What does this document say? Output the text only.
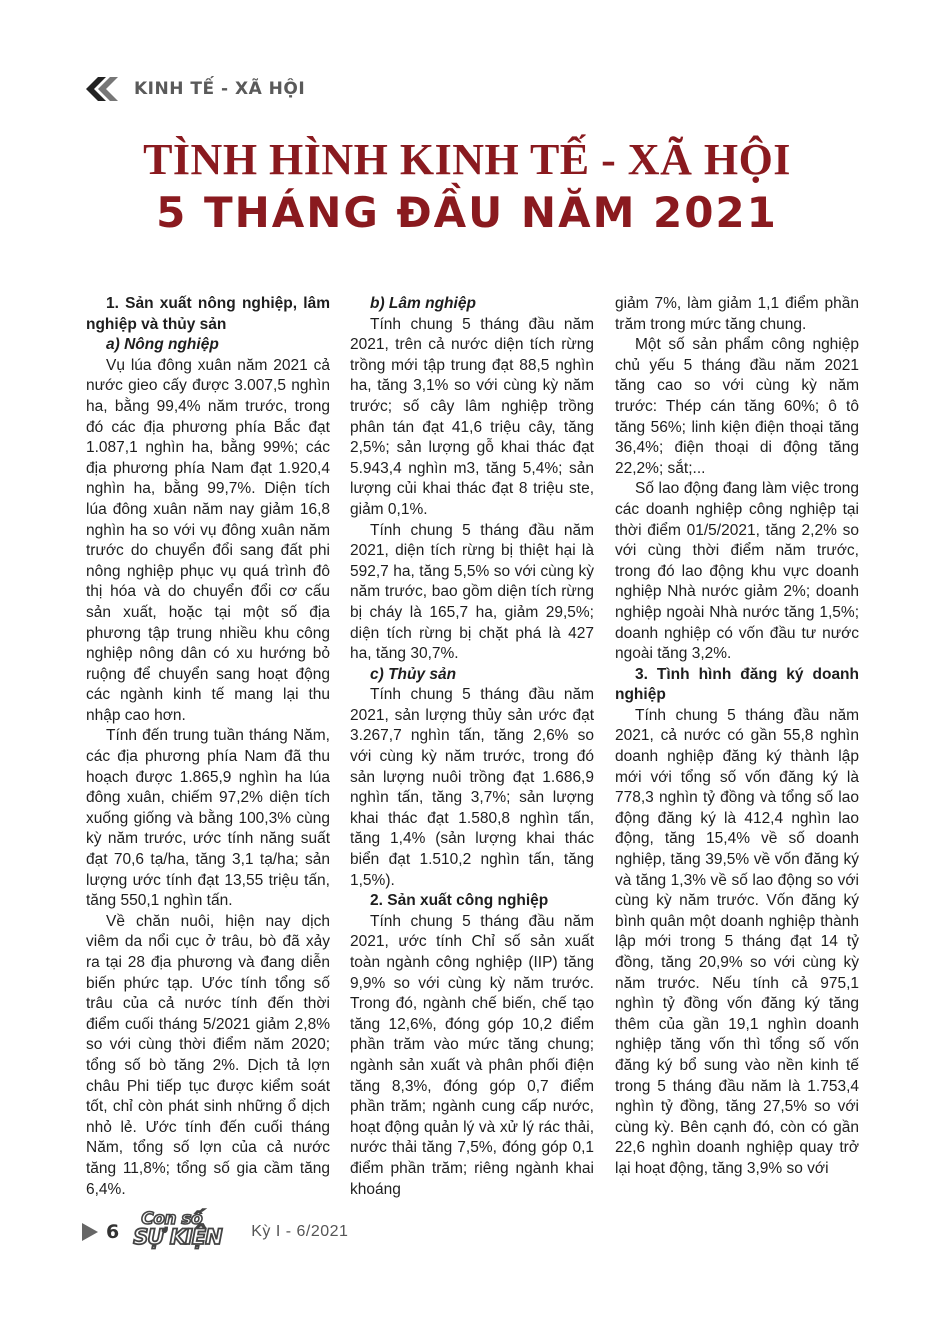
KINH TẾ - XÃ HỘI
TÌNH HÌNH KINH TẾ - XÃ HỘI
5 THÁNG ĐẦU NĂM 2021
1. Sản xuất nông nghiệp, lâm nghiệp và thủy sản
a) Nông nghiệp

Vụ lúa đông xuân năm 2021 cả nước gieo cấy được 3.007,5 nghìn ha, bằng 99,4% năm trước, trong đó các địa phương phía Bắc đạt 1.087,1 nghìn ha, bằng 99%; các địa phương phía Nam đạt 1.920,4 nghìn ha, bằng 99,7%. Diện tích lúa đông xuân năm nay giảm 16,8 nghìn ha so với vụ đông xuân năm trước do chuyển đổi sang đất phi nông nghiệp phục vụ quá trình đô thị hóa và do chuyển đổi cơ cấu sản xuất, hoặc tại một số địa phương tập trung nhiều khu công nghiệp nông dân có xu hướng bỏ ruộng để chuyển sang hoạt động các ngành kinh tế mang lại thu nhập cao hơn.

Tính đến trung tuần tháng Năm, các địa phương phía Nam đã thu hoạch được 1.865,9 nghìn ha lúa đông xuân, chiếm 97,2% diện tích xuống giống và bằng 100,3% cùng kỳ năm trước, ước tính năng suất đạt 70,6 tạ/ha, tăng 3,1 tạ/ha; sản lượng ước tính đạt 13,55 triệu tấn, tăng 550,1 nghìn tấn.

Về chăn nuôi, hiện nay dịch viêm da nổi cục ở trâu, bò đã xảy ra tại 28 địa phương và đang diễn biến phức tạp. Ước tính tổng số trâu của cả nước tính đến thời điểm cuối tháng 5/2021 giảm 2,8% so với cùng thời điểm năm 2020; tổng số bò tăng 2%. Dịch tả lợn châu Phi tiếp tục được kiểm soát tốt, chỉ còn phát sinh những ổ dịch nhỏ lẻ. Ước tính đến cuối tháng Năm, tổng số lợn của cả nước tăng 11,8%; tổng số gia cầm tăng 6,4%.

b) Lâm nghiệp

Tính chung 5 tháng đầu năm 2021, trên cả nước diện tích rừng trồng mới tập trung đạt 88,5 nghìn ha, tăng 3,1% so với cùng kỳ năm trước; số cây lâm nghiệp trồng phân tán đạt 41,6 triệu cây, tăng 2,5%; sản lượng gỗ khai thác đạt 5.943,4 nghìn m3, tăng 5,4%; sản lượng củi khai thác đạt 8 triệu ste, giảm 0,1%.

Tính chung 5 tháng đầu năm 2021, diện tích rừng bị thiệt hại là 592,7 ha, tăng 5,5% so với cùng kỳ năm trước, bao gồm diện tích rừng bị cháy là 165,7 ha, giảm 29,5%; diện tích rừng bị chặt phá là 427 ha, tăng 30,7%.

c) Thủy sản

Tính chung 5 tháng đầu năm 2021, sản lượng thủy sản ước đạt 3.267,7 nghìn tấn, tăng 2,6% so với cùng kỳ năm trước, trong đó sản lượng nuôi trồng đạt 1.686,9 nghìn tấn, tăng 3,7%; sản lượng khai thác đạt 1.580,8 nghìn tấn, tăng 1,4% (sản lượng khai thác biển đạt 1.510,2 nghìn tấn, tăng 1,5%).

2. Sản xuất công nghiệp

Tính chung 5 tháng đầu năm 2021, ước tính Chỉ số sản xuất toàn ngành công nghiệp (IIP) tăng 9,9% so với cùng kỳ năm trước. Trong đó, ngành chế biến, chế tạo tăng 12,6%, đóng góp 10,2 điểm phần trăm vào mức tăng chung; ngành sản xuất và phân phối điện tăng 8,3%, đóng góp 0,7 điểm phần trăm; ngành cung cấp nước, hoạt động quản lý và xử lý rác thải, nước thải tăng 7,5%, đóng góp 0,1 điểm phần trăm; riêng ngành khai khoáng

giảm 7%, làm giảm 1,1 điểm phần trăm trong mức tăng chung.

Một số sản phẩm công nghiệp chủ yếu 5 tháng đầu năm 2021 tăng cao so với cùng kỳ năm trước: Thép cán tăng 60%; ô tô tăng 56%; linh kiện điện thoại tăng 36,4%; điện thoại di động tăng 22,2%; sắt;...

Số lao động đang làm việc trong các doanh nghiệp công nghiệp tại thời điểm 01/5/2021, tăng 2,2% so với cùng thời điểm năm trước, trong đó lao động khu vực doanh nghiệp Nhà nước giảm 2%; doanh nghiệp ngoài Nhà nước tăng 1,5%; doanh nghiệp có vốn đầu tư nước ngoài tăng 3,2%.

3. Tình hình đăng ký doanh nghiệp

Tính chung 5 tháng đầu năm 2021, cả nước có gần 55,8 nghìn doanh nghiệp đăng ký thành lập mới với tổng số vốn đăng ký là 778,3 nghìn tỷ đồng và tổng số lao động đăng ký là 412,4 nghìn lao động, tăng 15,4% về số doanh nghiệp, tăng 39,5% về vốn đăng ký và tăng 1,3% về số lao động so với cùng kỳ năm trước. Vốn đăng ký bình quân một doanh nghiệp thành lập mới trong 5 tháng đạt 14 tỷ đồng, tăng 20,9% so với cùng kỳ năm trước. Nếu tính cả 975,1 nghìn tỷ đồng vốn đăng ký tăng thêm của gần 19,1 nghìn doanh nghiệp tăng vốn thì tổng số vốn đăng ký bổ sung vào nền kinh tế trong 5 tháng đầu năm là 1.753,4 nghìn tỷ đồng, tăng 27,5% so với cùng kỳ. Bên cạnh đó, còn có gần 22,6 nghìn doanh nghiệp quay trở lại hoạt động, tăng 3,9% so với

6
Con số
SỰ KIỆN Kỳ I - 6/2021
